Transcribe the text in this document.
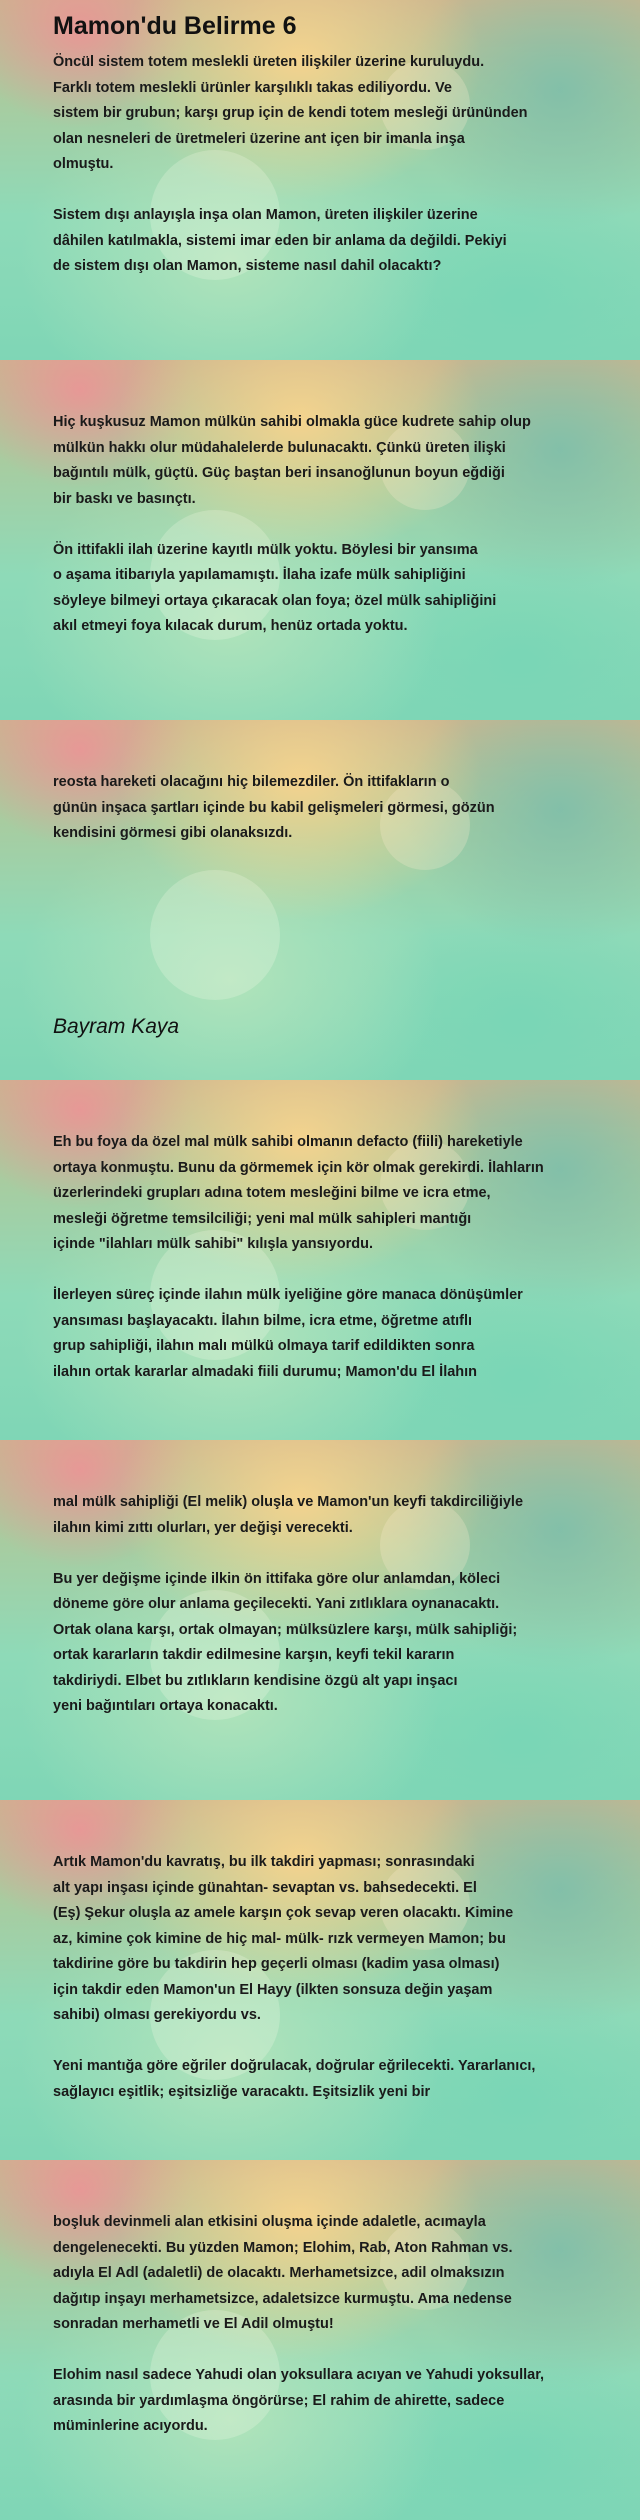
Mamon'du Belirme 6

Öncül sistem totem meslekli üreten ilişkiler üzerine kuruluydu.
Farklı totem meslekli ürünler karşılıklı takas ediliyordu. Ve
sistem bir grubun; karşı grup için de kendi totem mesleği ürününden
olan nesneleri de üretmeleri üzerine ant içen bir imanla inşa
olmuştu.

Sistem dışı anlayışla inşa olan Mamon, üreten ilişkiler üzerine
dâhilen katılmakla, sistemi imar eden bir anlama da değildi. Pekiyi
de sistem dışı olan Mamon, sisteme nasıl dahil olacaktı?

Hiç kuşkusuz Mamon mülkün sahibi olmakla güce kudrete sahip olup
mülkün hakkı olur müdahalelerde bulunacaktı. Çünkü üreten ilişki
bağıntılı mülk, güçtü. Güç baştan beri insanoğlunun boyun eğdiği
bir baskı ve basınçtı.

Ön ittifakli ilah üzerine kayıtlı mülk yoktu. Böylesi bir yansıma
o aşama itibarıyla yapılamamıştı. İlaha izafe mülk sahipliğini
söyleye bilmeyi ortaya çıkaracak olan foya; özel mülk sahipliğini
akıl etmeyi foya kılacak durum, henüz ortada yoktu.

reosta hareketi olacağını hiç bilemezdiler. Ön ittifakların o
günün inşaca şartları içinde bu kabil gelişmeleri görmesi, gözün
kendisini görmesi gibi olanaksızdı.

Bayram Kaya

Eh bu foya da özel mal mülk sahibi olmanın defacto (fiili) hareketiyle
ortaya konmuştu. Bunu da görmemek için kör olmak gerekirdi. İlahların
üzerlerindeki grupları adına totem mesleğini bilme ve icra etme,
mesleği öğretme temsilciliği; yeni mal mülk sahipleri mantığı
içinde "ilahları mülk sahibi" kılışla yansıyordu.

İlerleyen süreç içinde ilahın mülk iyeliğine göre manaca dönüşümler
yansıması başlayacaktı. İlahın bilme, icra etme, öğretme atıflı
grup sahipliği, ilahın malı mülkü olmaya tarif edildikten sonra
ilahın ortak kararlar almadaki fiili durumu; Mamon'du El İlahın

mal mülk sahipliği (El melik) oluşla ve Mamon'un keyfi takdirciliğiyle
ilahın kimi zıttı olurları, yer değişi verecekti.

Bu yer değişme içinde ilkin ön ittifaka göre olur anlamdan, köleci
döneme göre olur anlama geçilecekti. Yani zıtlıklara oynanacaktı.
Ortak olana karşı, ortak olmayan; mülksüzlere karşı, mülk sahipliği;
ortak kararların takdir edilmesine karşın, keyfi tekil kararın
takdiriydi. Elbet bu zıtlıkların kendisine özgü alt yapı inşacı
yeni bağıntıları ortaya konacaktı.

Artık Mamon'du kavratış, bu ilk takdiri yapması; sonrasındaki
alt yapı inşası içinde günahtan- sevaptan vs. bahsedecekti. El
(Eş) Şekur oluşla az amele karşın çok sevap veren olacaktı. Kimine
az, kimine çok kimine de hiç mal- mülk- rızk vermeyen Mamon; bu
takdirine göre bu takdirin hep geçerli olması (kadim yasa olması)
için takdir eden Mamon'un El Hayy (ilkten sonsuza değin yaşam
sahibi) olması gerekiyordu vs.

Yeni mantığa göre eğriler doğrulacak, doğrular eğrilecekti. Yararlanıcı,
sağlayıcı eşitlik; eşitsizliğe varacaktı. Eşitsizlik yeni bir

boşluk devinmeli alan etkisini oluşma içinde adaletle, acımayla
dengelenecekti. Bu yüzden Mamon; Elohim, Rab, Aton Rahman vs.
adıyla El Adl (adaletli) de olacaktı. Merhametsizce, adil olmaksızın
dağıtıp inşayı merhametsizce, adaletsizce kurmuştu. Ama nedense
sonradan merhametli ve El Adil olmuştu!

Elohim nasıl sadece Yahudi olan yoksullara acıyan ve Yahudi yoksullar,
arasında bir yardımlaşma öngörürse; El rahim de ahirette, sadece
müminlerine acıyordu.
